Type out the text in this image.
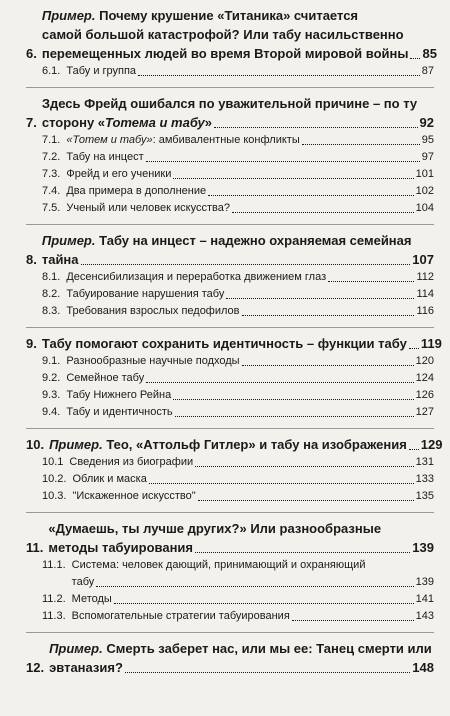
6.
Пример. Почему крушение «Титаника» считается
самой большой катастрофой? Или табу насильственно
перемещенных людей во время Второй мировой войны 85
6.1. Табу и группа	87
7.
Здесь Фрейд ошибался по уважительной причине – по ту
сторону «Тотема и табу»	92
7.1. «Тотем и табу»: амбивалентные конфликты	95
7.2. Табу на инцест	97
7.3. Фрейд и его ученики	101
7.4. Два примера в дополнение	102
7.5. Ученый или человек искусства?	104
8.
Пример. Табу на инцест – надежно охраняемая семейная
тайна	107
8.1. Десенсибилизация и переработка движением глаз	112
8.2. Табуирование нарушения табу	114
8.3. Требования взрослых педофилов	116
9. Табу помогают сохранить идентичность – функции табу 119
9.1. Разнообразные научные подходы	120
9.2. Семейное табу	124
9.3. Табу Нижнего Рейна	126
9.4. Табу и идентичность	127
10. Пример. Тео, «Аттольф Гитлер» и табу на изображения 129
10.1 Сведения из биографии	131
10.2. Облик и маска	133
10.3. "Искаженное искусство"	135
11.
«Думаешь, ты лучше других?» Или разнообразные
методы табуирования	139
11.1. Система: человек дающий, принимающий и охраняющий
табу	139
11.2. Методы	141
11.3. Вспомогательные стратегии табуирования	143
12.
Пример. Смерть заберет нас, или мы ее: Танец смерти или
эвтаназия?	148
